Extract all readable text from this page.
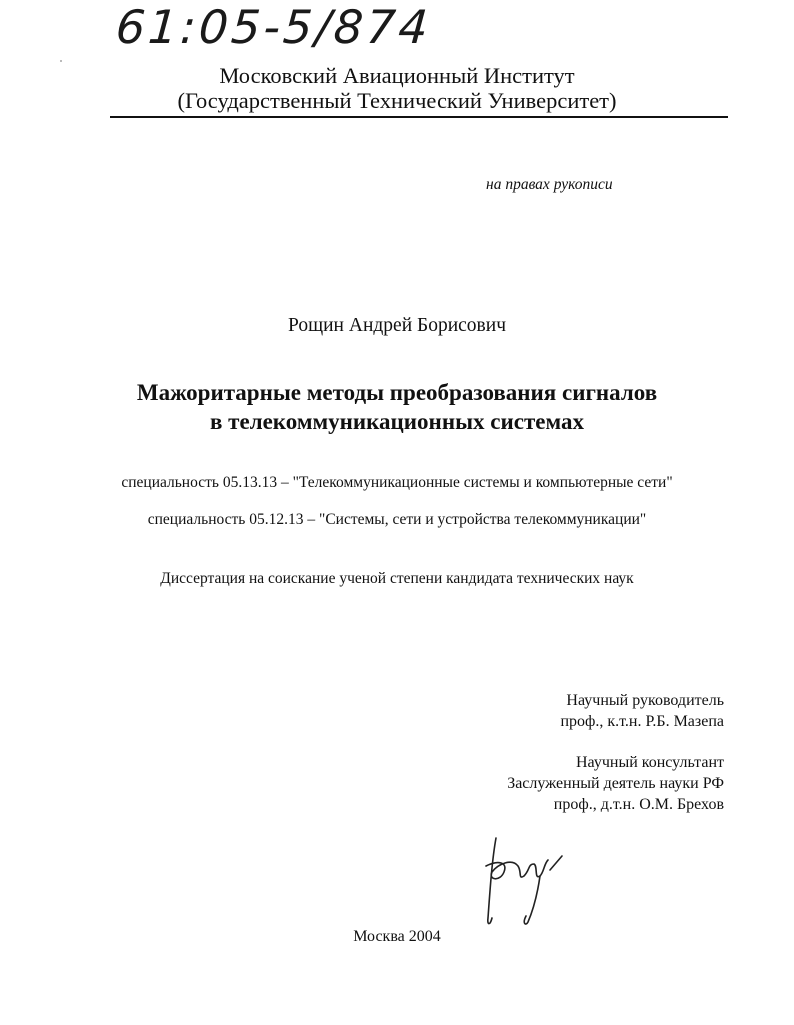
61:05-5/874
Московский Авиационный Институт
(Государственный Технический Университет)
на правах рукописи
Рощин Андрей Борисович
Мажоритарные методы преобразования сигналов
в телекоммуникационных системах
специальность 05.13.13 – "Телекоммуникационные системы и компьютерные сети"
специальность 05.12.13 – "Системы, сети и устройства телекоммуникации"
Диссертация на соискание ученой степени кандидата технических наук
Научный руководитель
проф., к.т.н. Р.Б. Мазепа
Научный консультант
Заслуженный деятель науки РФ
проф., д.т.н. О.М. Брехов
Москва 2004
